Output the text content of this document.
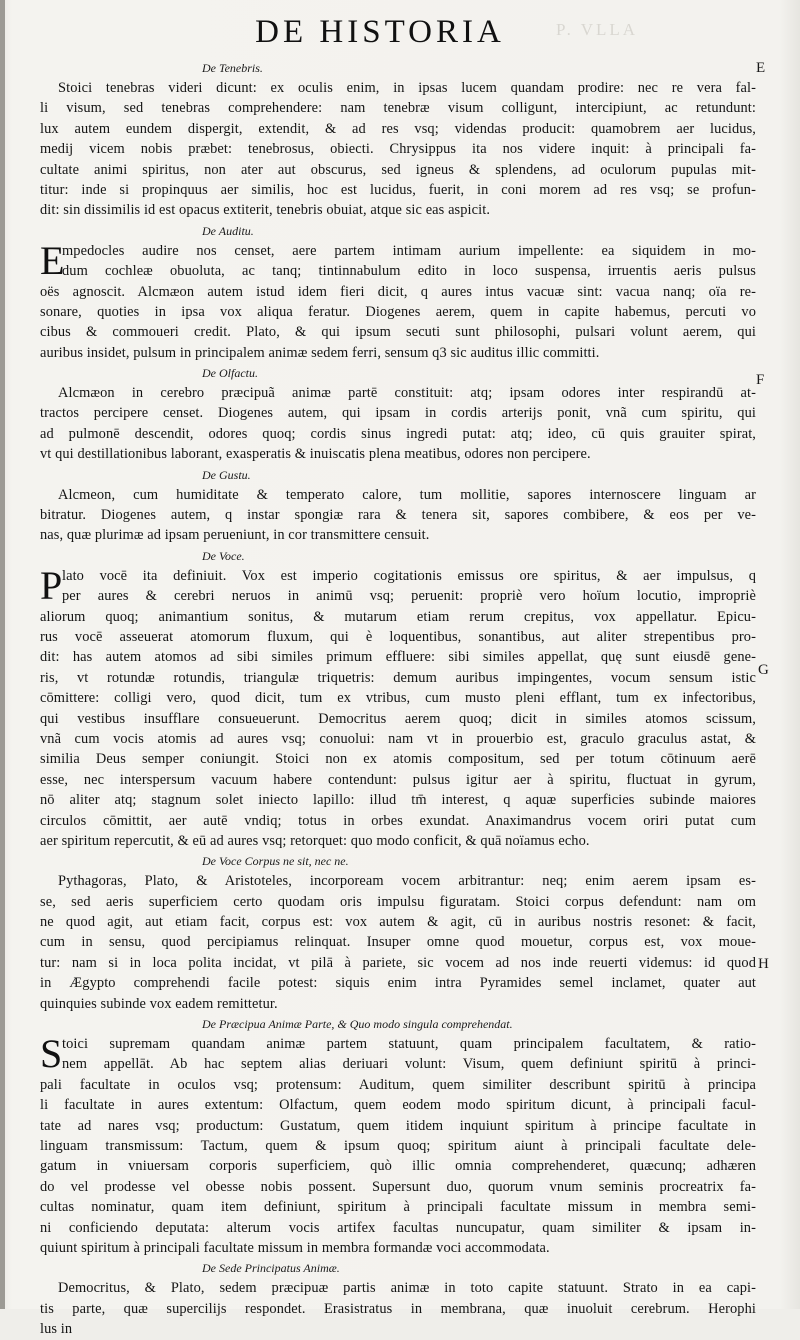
P. VLLA
DE HISTORIA
E
F
G
H
De Tenebris.
Stoici tenebras videri dicunt: ex oculis enim, in ipsas lucem quandam prodire: nec re vera fal-
li visum, sed tenebras comprehendere: nam tenebræ visum colligunt, intercipiunt, ac retundunt:
lux autem eundem dispergit, extendit, & ad res vsq; videndas producit: quamobrem aer lucidus,
medij vicem nobis præbet: tenebrosus, obiecti. Chrysippus ita nos videre inquit: à principali fa-
cultate animi spiritus, non ater aut obscurus, sed igneus & splendens, ad oculorum pupulas mit-
titur: inde si propinquus aer similis, hoc est lucidus, fuerit, in coni morem ad res vsq; se profun-
dit: sin dissimilis id est opacus extiterit, tenebris obuiat, atque sic eas aspicit.
De Auditu.
E
mpedocles audire nos censet, aere partem intimam aurium impellente: ea siquidem in mo-
dum cochleæ obuoluta, ac tanq; tintinnabulum edito in loco suspensa, irruentis aeris pulsus
oës agnoscit. Alcmæon autem istud idem fieri dicit, q aures intus vacuæ sint: vacua nanq; oïa re-
sonare, quoties in ipsa vox aliqua feratur. Diogenes aerem, quem in capite habemus, percuti vo
cibus & commoueri credit. Plato, & qui ipsum secuti sunt philosophi, pulsari volunt aerem, qui
auribus insidet, pulsum in principalem animæ sedem ferri, sensum q3 sic auditus illic committi.
De Olfactu.
Alcmæon in cerebro præcipuã animæ partē constituit: atq; ipsam odores inter respirandū at-
tractos percipere censet. Diogenes autem, qui ipsam in cordis arterijs ponit, vnã cum spiritu, qui
ad pulmonē descendit, odores quoq; cordis sinus ingredi putat: atq; ideo, cū quis grauiter spirat,
vt qui destillationibus laborant, exasperatis & inuiscatis plena meatibus, odores non percipere.
De Gustu.
Alcmeon, cum humiditate & temperato calore, tum mollitie, sapores internoscere linguam ar
bitratur. Diogenes autem, q instar spongiæ rara & tenera sit, sapores combibere, & eos per ve-
nas, quæ plurimæ ad ipsam perueniunt, in cor transmittere censuit.
De Voce.
P lato vocē ita definiuit. Vox est imperio cogitationis emissus ore spiritus, & aer impulsus, q
per aures & cerebri neruos in animū vsq; peruenit: propriè vero hoïum locutio, impropriè
aliorum quoq; animantium sonitus, & mutarum etiam rerum crepitus, vox appellatur. Epicu-
rus vocē asseuerat atomorum fluxum, qui è loquentibus, sonantibus, aut aliter strepentibus pro-
dit: has autem atomos ad sibi similes primum effluere: sibi similes appellat, quę sunt eiusdē gene-
ris, vt rotundæ rotundis, triangulæ triquetris: demum auribus impingentes, vocum sensum istic
cōmittere: colligi vero, quod dicit, tum ex vtribus, cum musto pleni efflant, tum ex infectoribus,
qui vestibus insufflare consueuerunt. Democritus aerem quoq; dicit in similes atomos scissum,
vnã cum vocis atomis ad aures vsq; conuolui: nam vt in prouerbio est, graculo graculus astat, &
similia Deus semper coniungit. Stoici non ex atomis compositum, sed per totum cōtinuum aerē
esse, nec interspersum vacuum habere contendunt: pulsus igitur aer à spiritu, fluctuat in gyrum,
nō aliter atq; stagnum solet iniecto lapillo: illud tm̄ interest, q aquæ superficies subinde maiores
circulos cōmittit, aer autē vndiq; totus in orbes exundat. Anaximandrus vocem oriri putat cum
aer spiritum repercutit, & eū ad aures vsq; retorquet: quo modo conficit, & quā noïamus echo.
De Voce Corpus ne sit, nec ne.
Pythagoras, Plato, & Aristoteles, incorpoream vocem arbitrantur: neq; enim aerem ipsam es-
se, sed aeris superficiem certo quodam oris impulsu figuratam. Stoici corpus defendunt: nam om
ne quod agit, aut etiam facit, corpus est: vox autem & agit, cū in auribus nostris resonet: & facit,
cum in sensu, quod percipiamus relinquat. Insuper omne quod mouetur, corpus est, vox moue-
tur: nam si in loca polita incidat, vt pilā à pariete, sic vocem ad nos inde reuerti videmus: id quod
in Ægypto comprehendi facile potest: siquis enim intra Pyramides semel inclamet, quater aut
quinquies subinde vox eadem remittetur.
De Præcipua Animæ Parte, & Quo modo singula comprehendat.
S toici supremam quandam animæ partem statuunt, quam principalem facultatem, & ratio-
nem appellāt. Ab hac septem alias deriuari volunt: Visum, quem definiunt spiritū à princi-
pali facultate in oculos vsq; protensum: Auditum, quem similiter describunt spiritū à principa
li facultate in aures extentum: Olfactum, quem eodem modo spiritum dicunt, à principali facul-
tate ad nares vsq; productum: Gustatum, quem itidem inquiunt spiritum à principe facultate in
linguam transmissum: Tactum, quem & ipsum quoq; spiritum aiunt à principali facultate dele-
gatum in vniuersam corporis superficiem, quò illic omnia comprehenderet, quæcunq; adhæren
do vel prodesse vel obesse nobis possent. Supersunt duo, quorum vnum seminis procreatrix fa-
cultas nominatur, quam item definiunt, spiritum à principali facultate missum in membra semi-
ni conficiendo deputata: alterum vocis artifex facultas nuncupatur, quam similiter & ipsam in-
quiunt spiritum à principali facultate missum in membra formandæ voci accommodata.
De Sede Principatus Animæ.
Democritus, & Plato, sedem præcipuæ partis animæ in toto capite statuunt. Strato in ea capi-
tis parte, quæ supercilijs respondet. Erasistratus in membrana, quæ inuoluit cerebrum. Herophi
lus in
